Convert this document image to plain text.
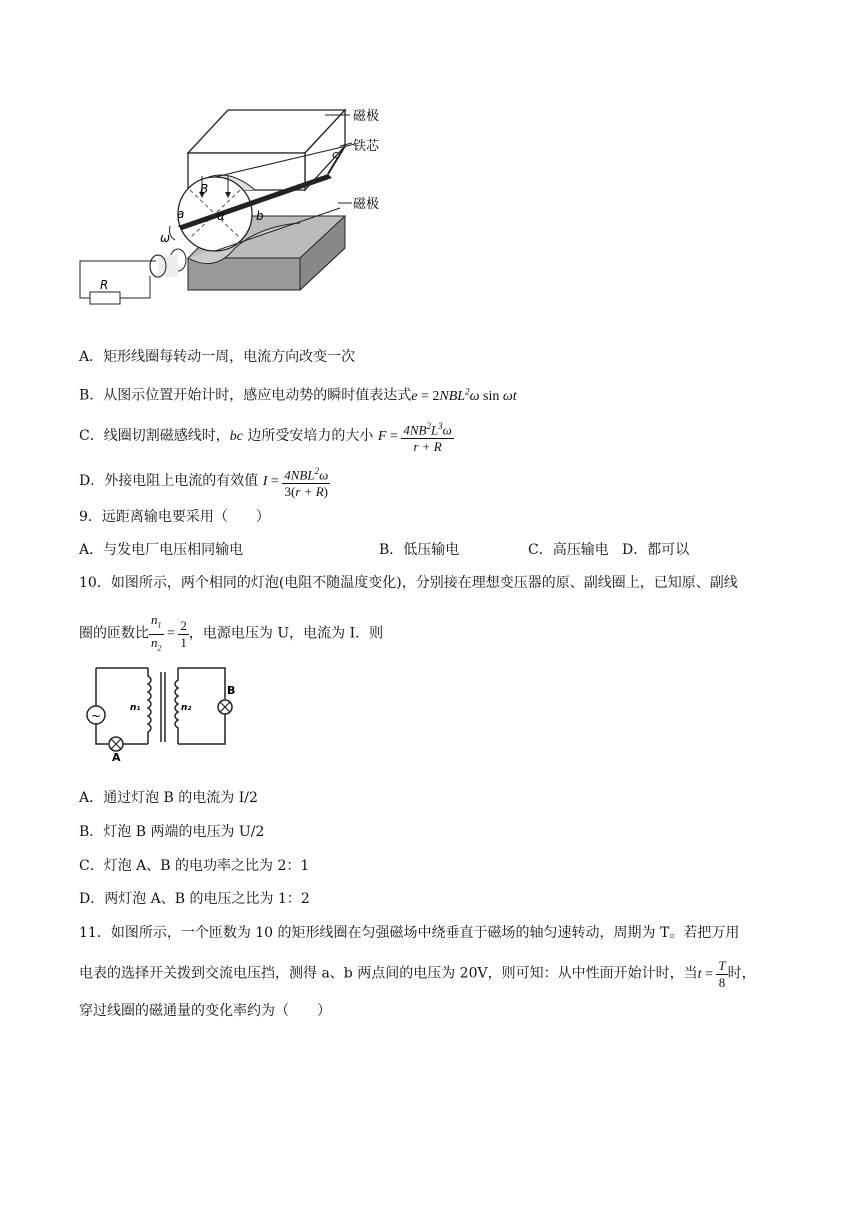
磁极
铁芯
c
磁极
B
a	b
α
ω
R
A．矩形线圈每转动一周，电流方向改变一次
B．从图示位置开始计时，感应电动势的瞬时值表达式$e = 2NBL^2\omega$ sin ωt
C．线圈切割磁感线时，bc 边所受安培力的大小 $F = \frac{4NB^2L^3\omega}{r + R}$
D．外接电阻上电流的有效值 $I = \frac{4NBL^2\omega}{3(r + R)}$
9．远距离输电要采用（　　）
A．与发电厂电压相同输电	B．低压输电	C．高压输电 D．都可以
10．如图所示，两个相同的灯泡(电阻不随温度变化)，分别接在理想变压器的原、副线圈上，已知原、副线
圈的匝数比 $\frac{n_1}{n_2} = \frac{2}{1}$ ，电源电压为 U，电流为 I．则
~
n₁	n₂
B
A
A．通过灯泡 B 的电流为 I/2
B．灯泡 B 两端的电压为 U/2
C．灯泡 A、B 的电功率之比为 2：1
D．两灯泡 A、B 的电压之比为 1：2
11．如图所示，一个匝数为 10 的矩形线圈在匀强磁场中绕垂直于磁场的轴匀速转动，周期为 T。若把万用
电表的选择开关拨到交流电压挡，测得 a、b 两点间的电压为 20V，则可知：从中性面开始计时，当$t = \frac{T}{8}$ 时，
穿过线圈的磁通量的变化率约为（　　）
